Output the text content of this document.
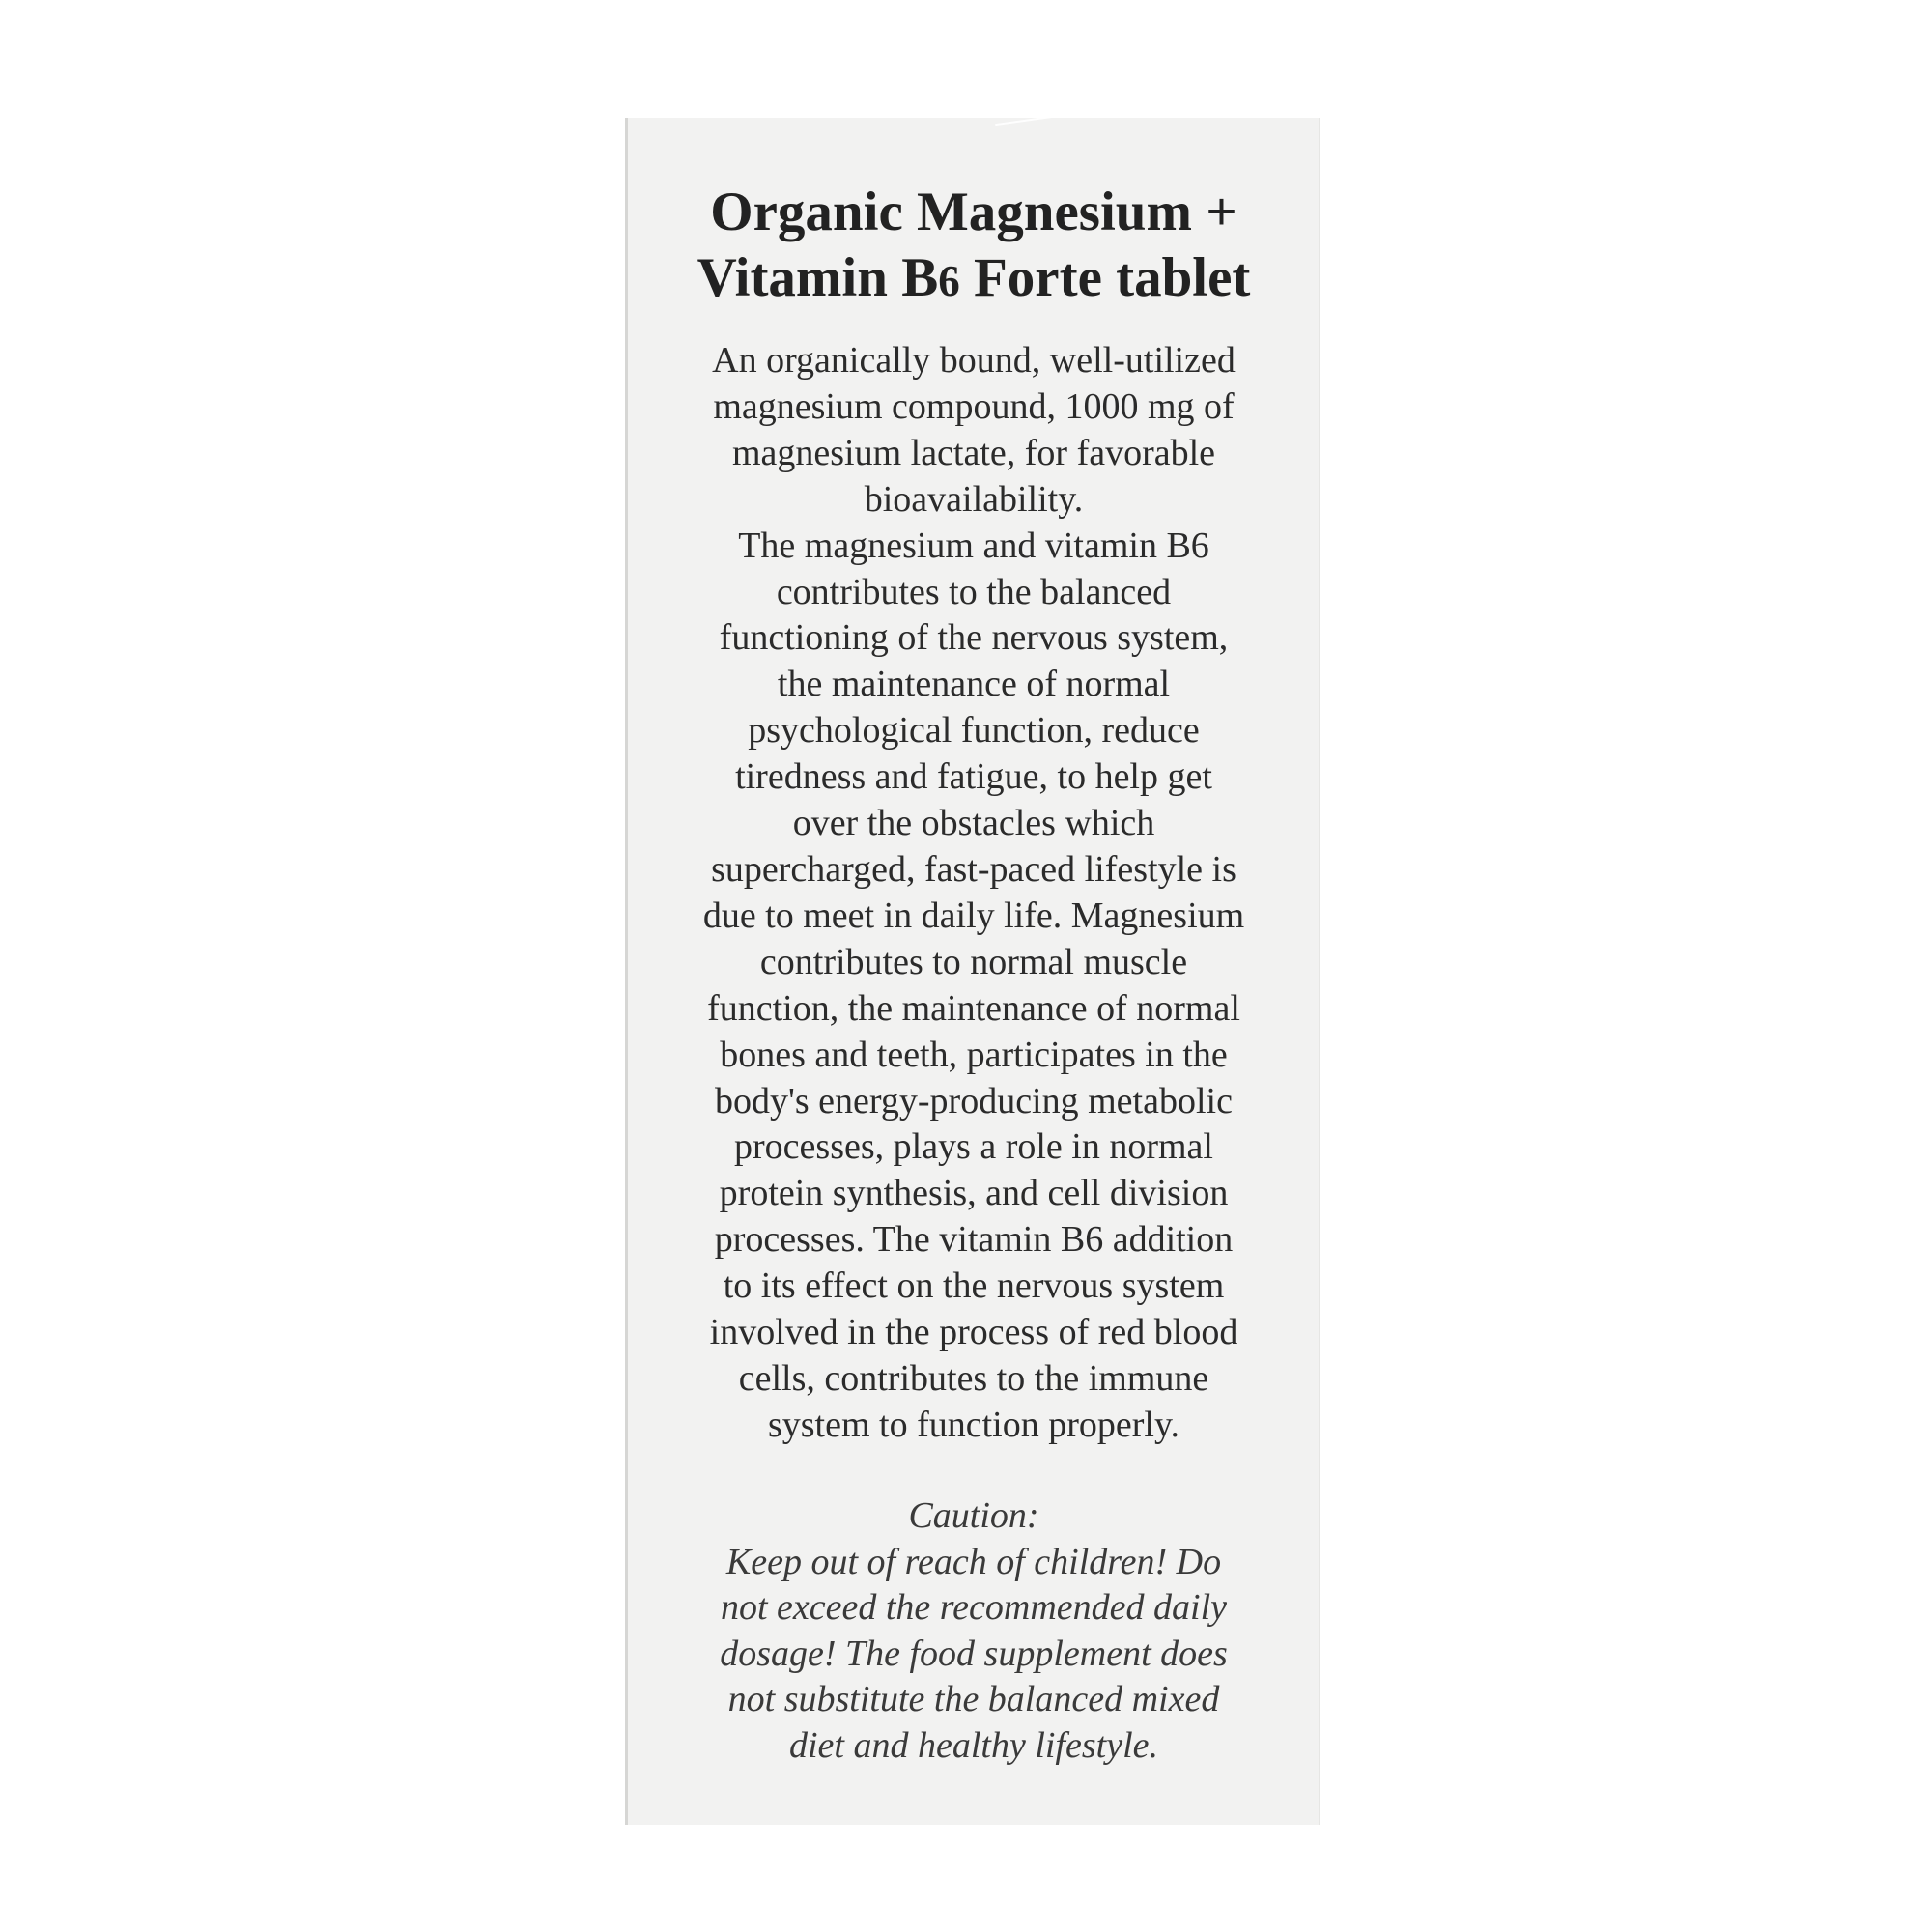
Organic Magnesium +
Vitamin B6 Forte tablet

An organically bound, well-utilized
magnesium compound, 1000 mg of
magnesium lactate, for favorable
bioavailability.
The magnesium and vitamin B6
contributes to the balanced
functioning of the nervous system,
the maintenance of normal
psychological function, reduce
tiredness and fatigue, to help get
over the obstacles which
supercharged, fast-paced lifestyle is
due to meet in daily life. Magnesium
contributes to normal muscle
function, the maintenance of normal
bones and teeth, participates in the
body's energy-producing metabolic
processes, plays a role in normal
protein synthesis, and cell division
processes. The vitamin B6 addition
to its effect on the nervous system
involved in the process of red blood
cells, contributes to the immune
system to function properly.

Caution:
Keep out of reach of children! Do
not exceed the recommended daily
dosage! The food supplement does
not substitute the balanced mixed
diet and healthy lifestyle.
